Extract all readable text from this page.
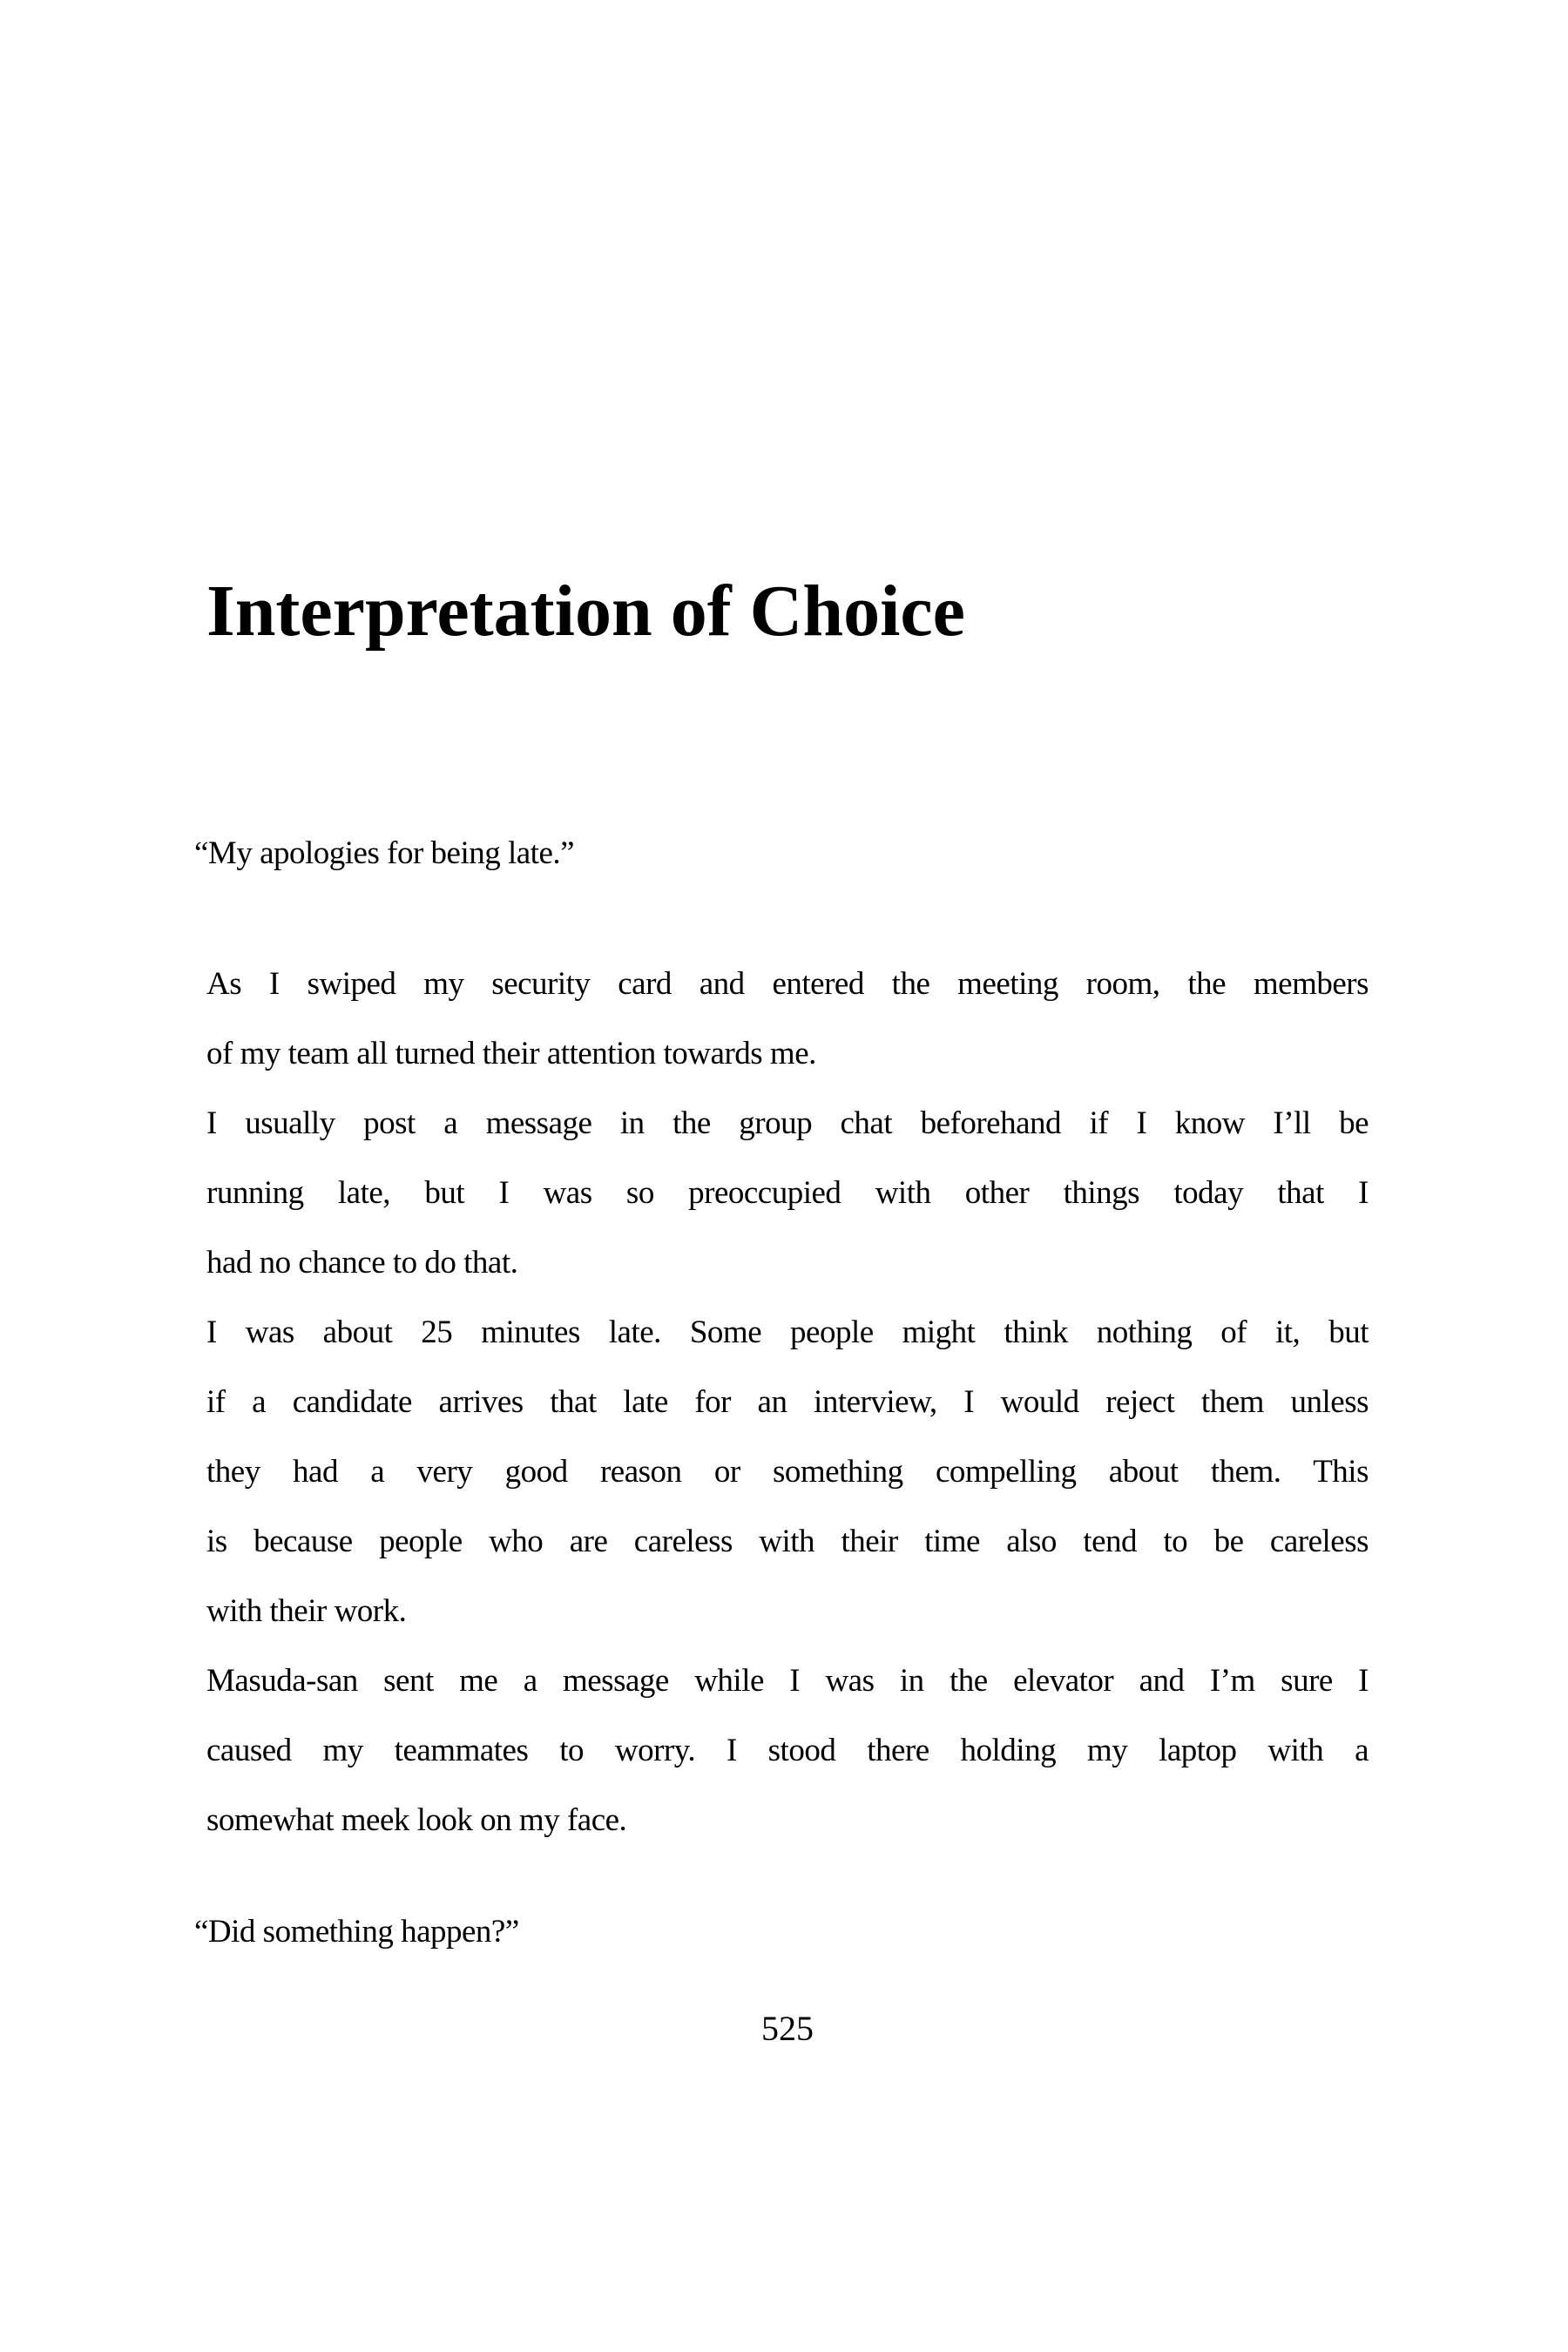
Interpretation of Choice
“My apologies for being late.”
As I swiped my security card and entered the meeting room, the members
of my team all turned their attention towards me.
I usually post a message in the group chat beforehand if I know I’ll be
running late, but I was so preoccupied with other things today that I
had no chance to do that.
I was about 25 minutes late. Some people might think nothing of it, but
if a candidate arrives that late for an interview, I would reject them unless
they had a very good reason or something compelling about them. This
is because people who are careless with their time also tend to be careless
with their work.
Masuda-san sent me a message while I was in the elevator and I’m sure I
caused my teammates to worry. I stood there holding my laptop with a
somewhat meek look on my face.
“Did something happen?”
525
